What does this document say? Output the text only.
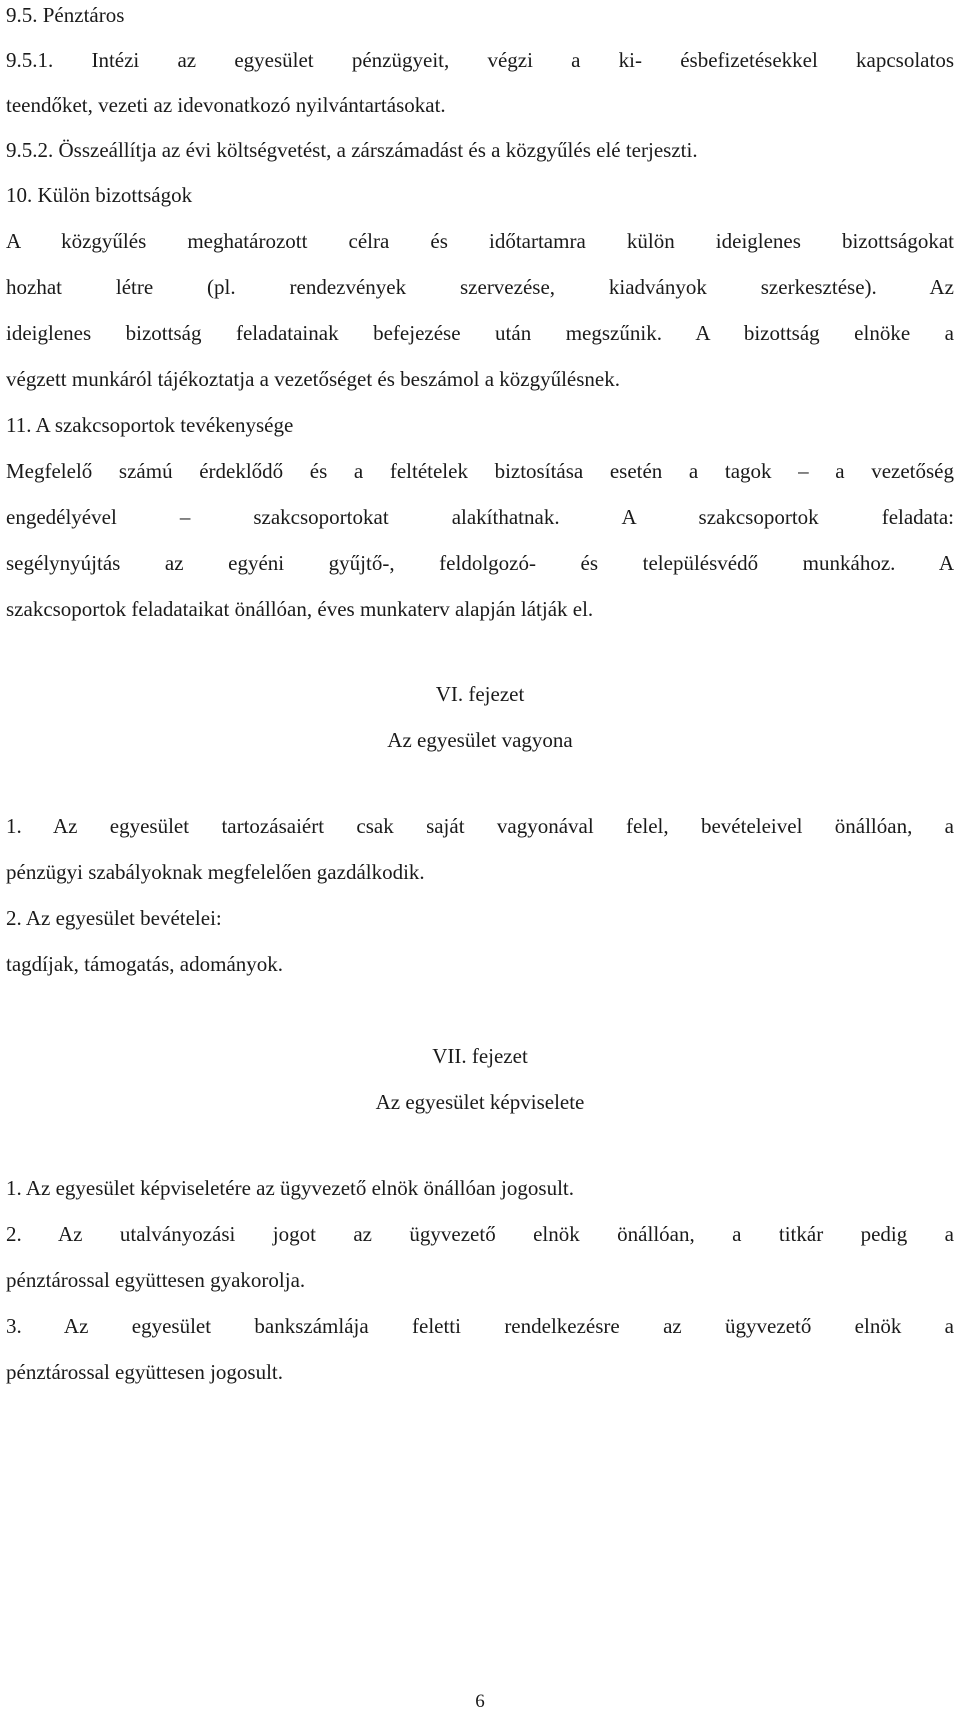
9.5. Pénztáros

9.5.1. Intézi az egyesület pénzügyeit, végzi a ki- ésbefizetésekkel kapcsolatos

teendőket, vezeti az idevonatkozó nyilvántartásokat.

9.5.2. Összeállítja az évi költségvetést, a zárszámadást és a közgyűlés elé terjeszti.

10. Külön bizottságok

A közgyűlés meghatározott célra és időtartamra külön ideiglenes bizottságokat

hozhat létre (pl. rendezvények szervezése, kiadványok szerkesztése). Az

ideiglenes bizottság feladatainak befejezése után megszűnik. A bizottság elnöke a

végzett munkáról tájékoztatja a vezetőséget és beszámol a közgyűlésnek.

11. A szakcsoportok tevékenysége

Megfelelő számú érdeklődő és a feltételek biztosítása esetén a tagok – a vezetőség

engedélyével – szakcsoportokat alakíthatnak. A szakcsoportok feladata:

segélynyújtás az egyéni gyűjtő-, feldolgozó- és településvédő munkához. A

szakcsoportok feladataikat önállóan, éves munkaterv alapján látják el.

VI. fejezet

Az egyesület vagyona

1. Az egyesület tartozásaiért csak saját vagyonával felel, bevételeivel önállóan, a

pénzügyi szabályoknak megfelelően gazdálkodik.

2. Az egyesület bevételei:

tagdíjak, támogatás, adományok.

VII. fejezet

Az egyesület képviselete

1. Az egyesület képviseletére az ügyvezető elnök önállóan jogosult.

2. Az utalványozási jogot az ügyvezető elnök önállóan, a titkár pedig a

pénztárossal együttesen gyakorolja.

3. Az egyesület bankszámlája feletti rendelkezésre az ügyvezető elnök a

pénztárossal együttesen jogosult.

6
